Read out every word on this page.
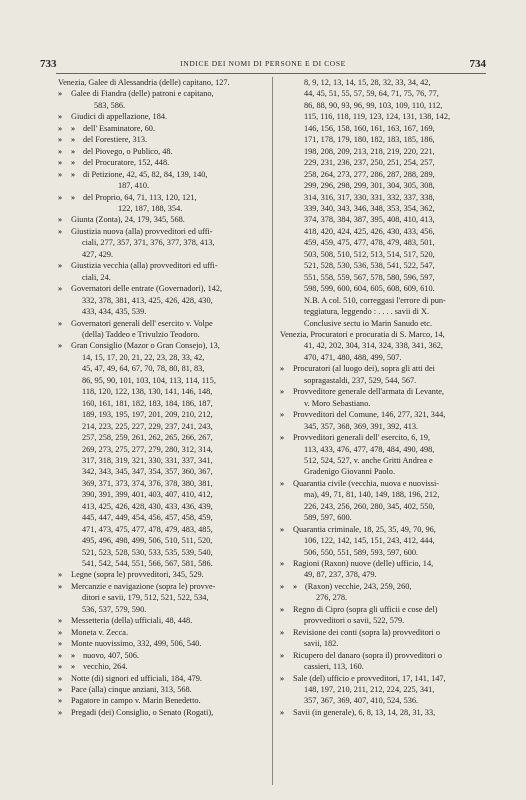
733	INDICE DEI NOMI DI PERSONE E DI COSE	734
Venezia, Galee di Alessandria (delle) capitano, 127.
» Galee di Fiandra (delle) patroni e capitano,
583, 586.
» Giudici di appellazione, 184.
» » dell' Esaminatore, 60.
» » del Forestiere, 313.
» » del Piovego, o Publico, 48.
» » del Procuratore, 152, 448.
» » di Petizione, 42, 45, 82, 84, 139, 140,
187, 410.
» » del Proprio, 64, 71, 113, 120, 121,
122, 187, 188, 354.
» Giunta (Zonta), 24, 179, 345, 568.
» Giustizia nuova (alla) provveditori ed uffi-
ciali, 277, 357, 371, 376, 377, 378, 413,
427, 429.
» Giustizia vecchia (alla) provveditori ed uffi-
ciali, 24.
» Governatori delle entrate (Governadori), 142,
332, 378, 381, 413, 425, 426, 428, 430,
433, 434, 435, 539.
» Governatori generali dell' esercito v. Volpe
(della) Taddeo e Trivulzio Teodoro.
» Gran Consiglio (Mazor o Gran Consejo), 13,
14, 15, 17, 20, 21, 22, 23, 28, 33, 42,
45, 47, 49, 64, 67, 70, 78, 80, 81, 83,
86, 95, 90, 101, 103, 104, 113, 114, 115,
118, 120, 122, 138, 130, 141, 146, 148,
160, 161, 181, 182, 183, 184, 186, 187,
189, 193, 195, 197, 201, 209, 210, 212,
214, 223, 225, 227, 229, 237, 241, 243,
257, 258, 259, 261, 262, 265, 266, 267,
269, 273, 275, 277, 279, 280, 312, 314,
317, 318, 319, 321, 330, 331, 337, 341,
342, 343, 345, 347, 354, 357, 360, 367,
369, 371, 373, 374, 376, 378, 380, 381,
390, 391, 399, 401, 403, 407, 410, 412,
413, 425, 426, 428, 430, 433, 436, 439,
445, 447, 449, 454, 456, 457, 458, 459,
471, 473, 475, 477, 478, 479, 483, 485,
495, 496, 498, 499, 506, 510, 511, 520,
521, 523, 528, 530, 533, 535, 539, 540,
541, 542, 544, 551, 566, 567, 581, 586.
» Legne (sopra le) provveditori, 345, 529.
» Mercanzie e navigazione (sopra le) provve-
ditori e savii, 179, 512, 521, 522, 534,
536, 537, 579, 590.
» Messetteria (della) ufficiali, 48, 448.
» Moneta v. Zecca.
» Monte nuovissimo, 332, 499, 506, 540.
» » nuovo, 407, 506.
» » vecchio, 264.
» Notte (di) signori ed ufficiali, 184, 479.
» Pace (alla) cinque anziani, 313, 568.
» Pagatore in campo v. Marin Benedetto.
» Pregadi (dei) Consiglio, o Senato (Rogati),
8, 9, 12, 13, 14, 15, 28, 32, 33, 34, 42,
44, 45, 51, 55, 57, 59, 64, 71, 75, 76, 77,
86, 88, 90, 93, 96, 99, 103, 109, 110, 112,
115, 116, 118, 119, 123, 124, 131, 138, 142,
146, 156, 158, 160, 161, 163, 167, 169,
171, 178, 179, 180, 182, 183, 185, 186,
198, 208, 209, 213, 218, 219, 220, 221,
229, 231, 236, 237, 250, 251, 254, 257,
258, 264, 273, 277, 286, 287, 288, 289,
299, 296, 298, 299, 301, 304, 305, 308,
314, 316, 317, 330, 331, 332, 337, 338,
339, 340, 343, 346, 348, 353, 354, 362,
374, 378, 384, 387, 395, 408, 410, 413,
418, 420, 424, 425, 426, 430, 433, 456,
459, 459, 475, 477, 478, 479, 483, 501,
503, 508, 510, 512, 513, 514, 517, 520,
521, 528, 530, 536, 538, 541, 522, 547,
551, 558, 559, 567, 578, 580, 596, 597,
598, 599, 600, 604, 605, 608, 609, 610.
N.B. A col. 510, correggasi l'errore di pun-
teggiatura, leggendo : . . . . savii di X.
Conclusive sectu io Marin Sanudo etc.
Venezia, Procuratori e procuratia di S. Marco, 14,
41, 42, 202, 304, 314, 324, 338, 341, 362,
470, 471, 480, 488, 499, 507.
» Procuratori (al luogo dei), sopra gli atti dei
sopragastaldi, 237, 529, 544, 567.
» Provveditore generale dell'armata di Levante,
v. Moro Sebastiano.
» Provveditori del Comune, 146, 277, 321, 344,
345, 357, 368, 369, 391, 392, 413.
» Provveditori generali dell' esercito, 6, 19,
113, 433, 476, 477, 478, 484, 490, 498,
512, 524, 527, v. anche Gritti Andrea e
Gradenigo Giovanni Paolo.
» Quarantia civile (vecchia, nuova e nuovissi-
ma), 49, 71, 81, 140, 149, 188, 196, 212,
226, 243, 256, 260, 280, 345, 402, 550,
589, 597, 600.
» Quarantia criminale, 18, 25, 35, 49, 70, 96,
106, 122, 142, 145, 151, 243, 412, 444,
506, 550, 551, 589, 593, 597, 600.
» Ragioni (Raxon) nuove (delle) ufficio, 14,
49, 87, 237, 378, 479.
» » (Raxon) vecchie, 243, 259, 260,
276, 278.
» Regno di Cipro (sopra gli ufficii e cose del)
provveditori o savii, 522, 579.
» Revisione dei conti (sopra la) provveditori o
savii, 182.
» Ricupero del danaro (sopra il) provveditori o
cassieri, 113, 160.
» Sale (del) ufficio e provveditori, 17, 141, 147,
148, 197, 210, 211, 212, 224, 225, 341,
357, 367, 369, 407, 410, 524, 536.
» Savii (in generale), 6, 8, 13, 14, 28, 31, 33,
